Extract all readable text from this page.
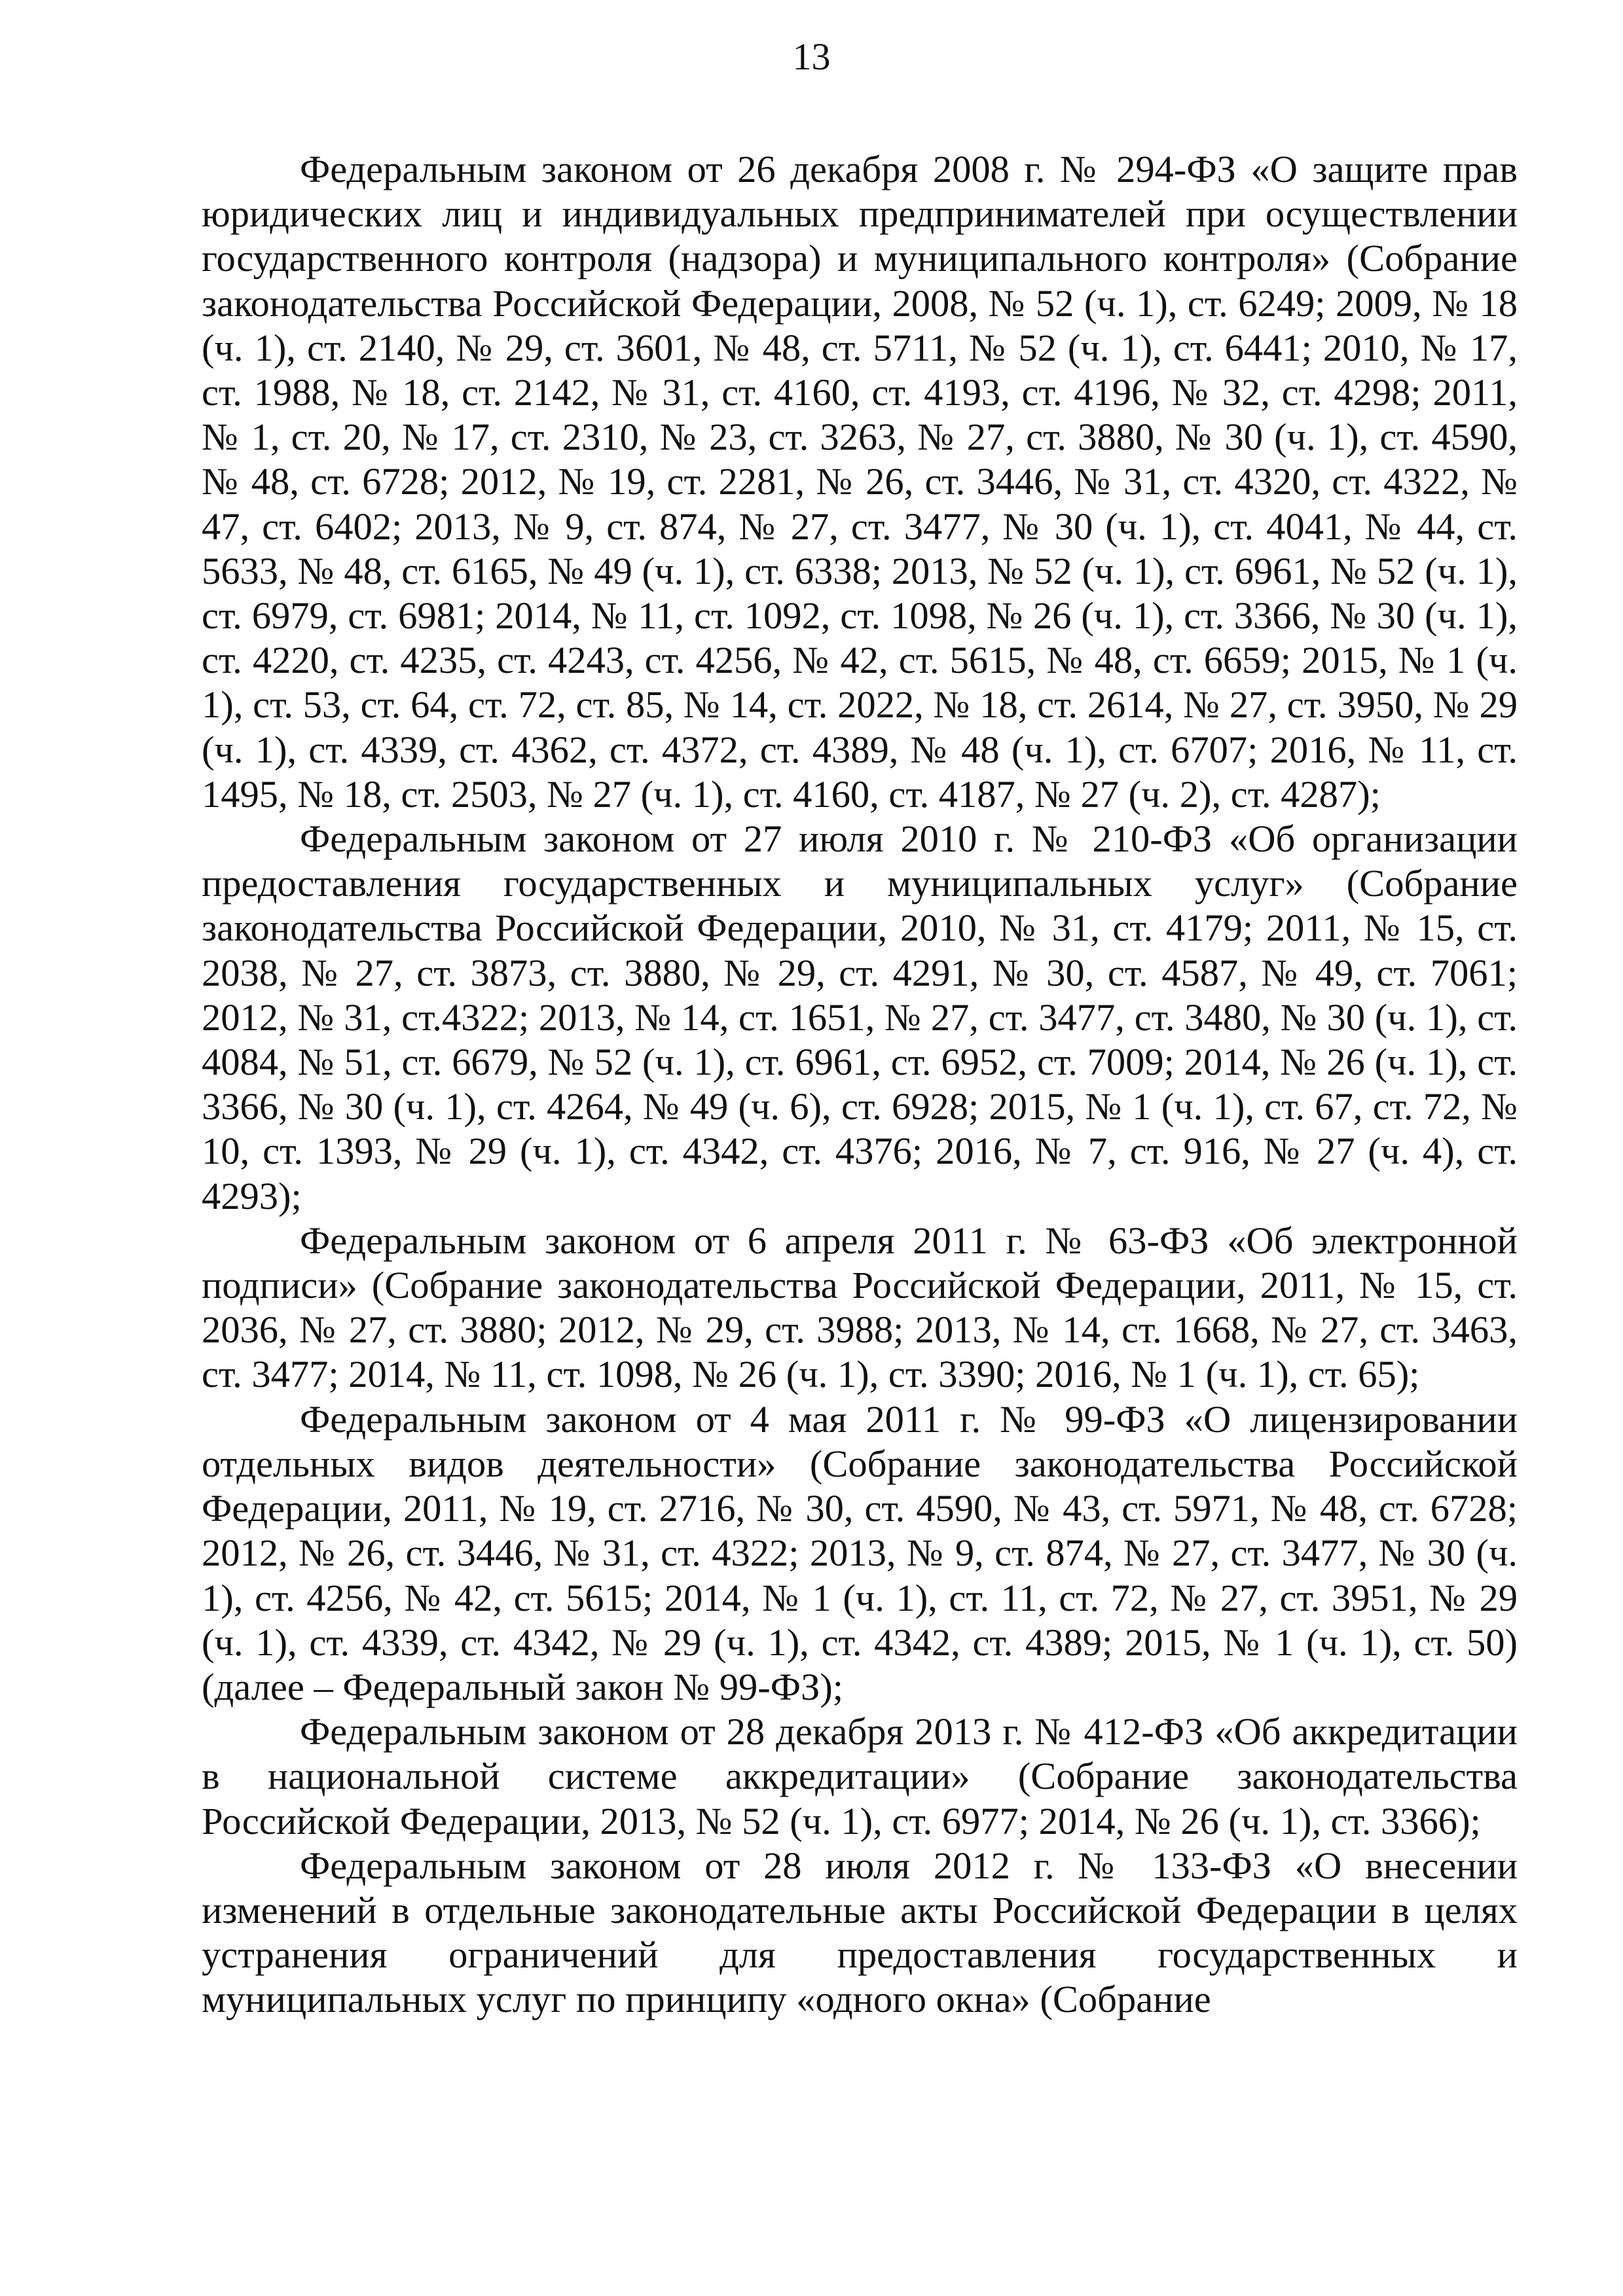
13

Федеральным законом от 26 декабря 2008 г. № 294-ФЗ «О защите прав юридических лиц и индивидуальных предпринимателей при осуществлении государственного контроля (надзора) и муниципального контроля» (Собрание законодательства Российской Федерации, 2008, № 52 (ч. 1), ст. 6249; 2009, № 18 (ч. 1), ст. 2140, № 29, ст. 3601, № 48, ст. 5711, № 52 (ч. 1), ст. 6441; 2010, № 17, ст. 1988, № 18, ст. 2142, № 31, ст. 4160, ст. 4193, ст. 4196, № 32, ст. 4298; 2011, № 1, ст. 20, № 17, ст. 2310, № 23, ст. 3263, № 27, ст. 3880, № 30 (ч. 1), ст. 4590, № 48, ст. 6728; 2012, № 19, ст. 2281, № 26, ст. 3446, № 31, ст. 4320, ст. 4322, № 47, ст. 6402; 2013, № 9, ст. 874, № 27, ст. 3477, № 30 (ч. 1), ст. 4041, № 44, ст. 5633, № 48, ст. 6165, № 49 (ч. 1), ст. 6338; 2013, № 52 (ч. 1), ст. 6961, № 52 (ч. 1), ст. 6979, ст. 6981; 2014, № 11, ст. 1092, ст. 1098, № 26 (ч. 1), ст. 3366, № 30 (ч. 1), ст. 4220, ст. 4235, ст. 4243, ст. 4256, № 42, ст. 5615, № 48, ст. 6659; 2015, № 1 (ч. 1), ст. 53, ст. 64, ст. 72, ст. 85, № 14, ст. 2022, № 18, ст. 2614, № 27, ст. 3950, № 29 (ч. 1), ст. 4339, ст. 4362, ст. 4372, ст. 4389, № 48 (ч. 1), ст. 6707; 2016, № 11, ст. 1495, № 18, ст. 2503, № 27 (ч. 1), ст. 4160, ст. 4187, № 27 (ч. 2), ст. 4287);

Федеральным законом от 27 июля 2010 г. № 210-ФЗ «Об организации предоставления государственных и муниципальных услуг» (Собрание законодательства Российской Федерации, 2010, № 31, ст. 4179; 2011, № 15, ст. 2038, № 27, ст. 3873, ст. 3880, № 29, ст. 4291, № 30, ст. 4587, № 49, ст. 7061; 2012, № 31, ст.4322; 2013, № 14, ст. 1651, № 27, ст. 3477, ст. 3480, № 30 (ч. 1), ст. 4084, № 51, ст. 6679, № 52 (ч. 1), ст. 6961, ст. 6952, ст. 7009; 2014, № 26 (ч. 1), ст. 3366, № 30 (ч. 1), ст. 4264, № 49 (ч. 6), ст. 6928; 2015, № 1 (ч. 1), ст. 67, ст. 72, № 10, ст. 1393, № 29 (ч. 1), ст. 4342, ст. 4376; 2016, № 7, ст. 916, № 27 (ч. 4), ст. 4293);

Федеральным законом от 6 апреля 2011 г. № 63-ФЗ «Об электронной подписи» (Собрание законодательства Российской Федерации, 2011, № 15, ст. 2036, № 27, ст. 3880; 2012, № 29, ст. 3988; 2013, № 14, ст. 1668, № 27, ст. 3463, ст. 3477; 2014, № 11, ст. 1098, № 26 (ч. 1), ст. 3390; 2016, № 1 (ч. 1), ст. 65);

Федеральным законом от 4 мая 2011 г. № 99-ФЗ «О лицензировании отдельных видов деятельности» (Собрание законодательства Российской Федерации, 2011, № 19, ст. 2716, № 30, ст. 4590, № 43, ст. 5971, № 48, ст. 6728; 2012, № 26, ст. 3446, № 31, ст. 4322; 2013, № 9, ст. 874, № 27, ст. 3477, № 30 (ч. 1), ст. 4256, № 42, ст. 5615; 2014, № 1 (ч. 1), ст. 11, ст. 72, № 27, ст. 3951, № 29 (ч. 1), ст. 4339, ст. 4342, № 29 (ч. 1), ст. 4342, ст. 4389; 2015, № 1 (ч. 1), ст. 50) (далее – Федеральный закон № 99-ФЗ);

Федеральным законом от 28 декабря 2013 г. № 412-ФЗ «Об аккредитации в национальной системе аккредитации» (Собрание законодательства Российской Федерации, 2013, № 52 (ч. 1), ст. 6977; 2014, № 26 (ч. 1), ст. 3366);

Федеральным законом от 28 июля 2012 г. № 133-ФЗ «О внесении изменений в отдельные законодательные акты Российской Федерации в целях устранения ограничений для предоставления государственных и муниципальных услуг по принципу «одного окна» (Собрание
